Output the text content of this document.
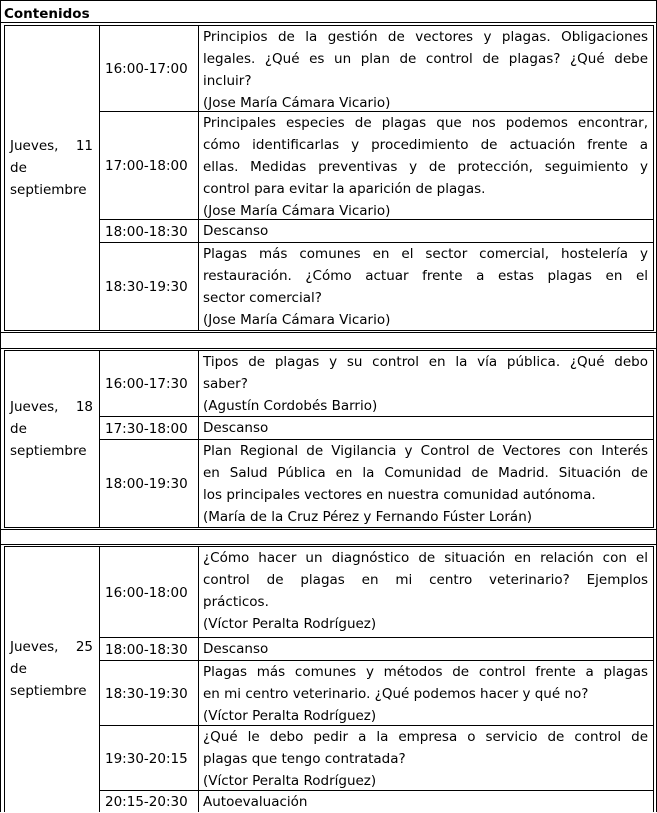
Contenidos
Jueves, 11
de
septiembre
16:00-17:00
Principios de la gestión de vectores y plagas. Obligaciones
legales. ¿Qué es un plan de control de plagas? ¿Qué debe
incluir?
(Jose María Cámara Vicario)
17:00-18:00
Principales especies de plagas que nos podemos encontrar,
cómo identificarlas y procedimiento de actuación frente a
ellas. Medidas preventivas y de protección, seguimiento y
control para evitar la aparición de plagas.
(Jose María Cámara Vicario)
18:00-18:30 Descanso
18:30-19:30
Plagas más comunes en el sector comercial, hostelería y
restauración. ¿Cómo actuar frente a estas plagas en el
sector comercial?
(Jose María Cámara Vicario)
Jueves, 18
de
septiembre
16:00-17:30
Tipos de plagas y su control en la vía pública. ¿Qué debo
saber?
(Agustín Cordobés Barrio)
17:30-18:00 Descanso
18:00-19:30
Plan Regional de Vigilancia y Control de Vectores con Interés
en Salud Pública en la Comunidad de Madrid. Situación de
los principales vectores en nuestra comunidad autónoma.
(María de la Cruz Pérez y Fernando Fúster Lorán)
Jueves, 25
de
septiembre
16:00-18:00
¿Cómo hacer un diagnóstico de situación en relación con el
control de plagas en mi centro veterinario? Ejemplos
prácticos.
(Víctor Peralta Rodríguez)
18:00-18:30 Descanso
18:30-19:30
Plagas más comunes y métodos de control frente a plagas
en mi centro veterinario. ¿Qué podemos hacer y qué no?
(Víctor Peralta Rodríguez)
19:30-20:15
¿Qué le debo pedir a la empresa o servicio de control de
plagas que tengo contratada?
(Víctor Peralta Rodríguez)
20:15-20:30 Autoevaluación
